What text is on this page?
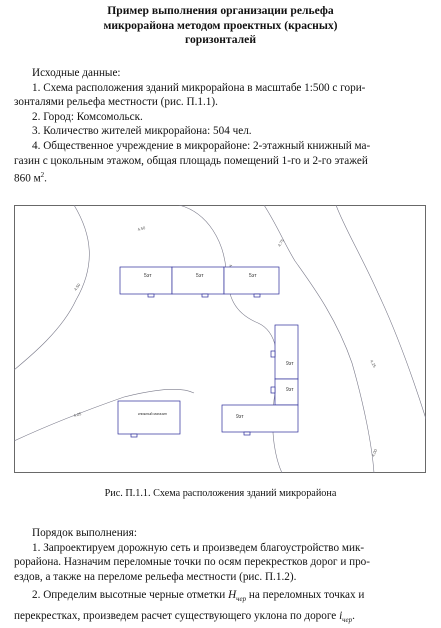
Пример выполнения организации рельефа
микрорайона методом проектных (красных)
горизонталей

Исходные данные:

1. Схема расположения зданий микрорайона в масштабе 1:500 с гори-

зонталями рельефа местности (рис. П.1.1).

2. Город: Комсомольск.

3. Количество жителей микрорайона: 504 чел.

4. Общественное учреждение в микрорайоне: 2-этажный книжный ма-

газин с цокольным этажом, общая площадь помещений 1-го и 2-го этажей

860 $м^2$.

4.50
4.75
4.50
4.25
4.00
4.25
5эт	5эт	5эт
9эт
9эт
9эт
книжный магазин
Рис. П.1.1. Схема расположения зданий микрорайона

Порядок выполнения:

1. Запроектируем дорожную сеть и произведем благоустройство мик-

рорайона. Назначим переломные точки по осям перекрестков дорог и про-

ездов, а также на переломе рельефа местности (рис. П.1.2).

2. Определим высотные черные отметки $H_{чер}$ на переломных точках и

перекрестках, произведем расчет существующего уклона по дороге $i_{чер}$.
